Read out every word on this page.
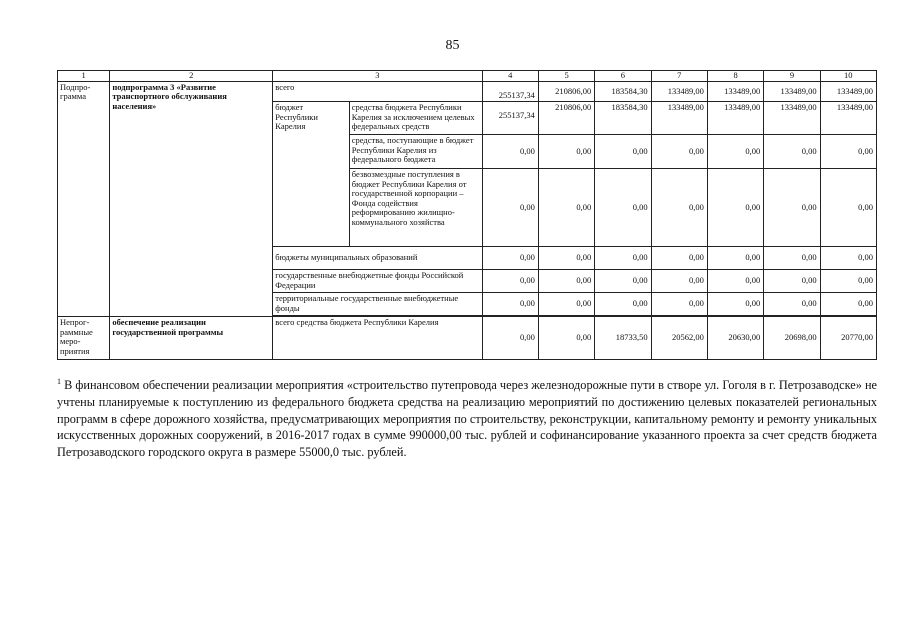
85
1	2	3		4	5	6	7	8	9	10
Подпро-грамма	подпрограмма 3 «Развитие транспортного обслуживания населения»	всего		255137,34	210806,00	183584,30	133489,00	133489,00	133489,00	133489,00
		бюджет Республики Карелия	средства бюджета Республики Карелия за исключением целевых федеральных средств	255137,34	210806,00	183584,30	133489,00	133489,00	133489,00	133489,00
			средства, поступающие в бюджет Республики Карелия из федерального бюджета	0,00	0,00	0,00	0,00	0,00	0,00	0,00
			безвозмездные поступления в бюджет Республики Карелия от государственной корпорации – Фонда содействия реформированию жилищно-коммунального хозяйства	0,00	0,00	0,00	0,00	0,00	0,00	0,00
		бюджеты муниципальных образований		0,00	0,00	0,00	0,00	0,00	0,00	0,00
		государственные внебюджетные фонды Российской Федерации		0,00	0,00	0,00	0,00	0,00	0,00	0,00
		территориальные государственные внебюджетные фонды		0,00	0,00	0,00	0,00	0,00	0,00	0,00

Непрог-раммные меро-приятия	обеспечение реализации государственной программы	всего средства бюджета Республики Карелия		0,00	0,00	18733,50	20562,00	20630,00	20698,00	20770,00
$^1$ В финансовом обеспечении реализации мероприятия «строительство путепровода через железнодорожные пути в створе ул. Гоголя в г. Петрозаводске» не учтены планируемые к поступлению из федерального бюджета средства на реализацию мероприятий по достижению целевых показателей региональных программ в сфере дорожного хозяйства, предусматривающих мероприятия по строительству, реконструкции, капитальному ремонту и ремонту уникальных искусственных дорожных сооружений, в 2016-2017 годах в сумме 990000,00 тыс. рублей и софинансирование указанного проекта за счет средств бюджета Петрозаводского городского округа в размере 55000,0 тыс. рублей.
